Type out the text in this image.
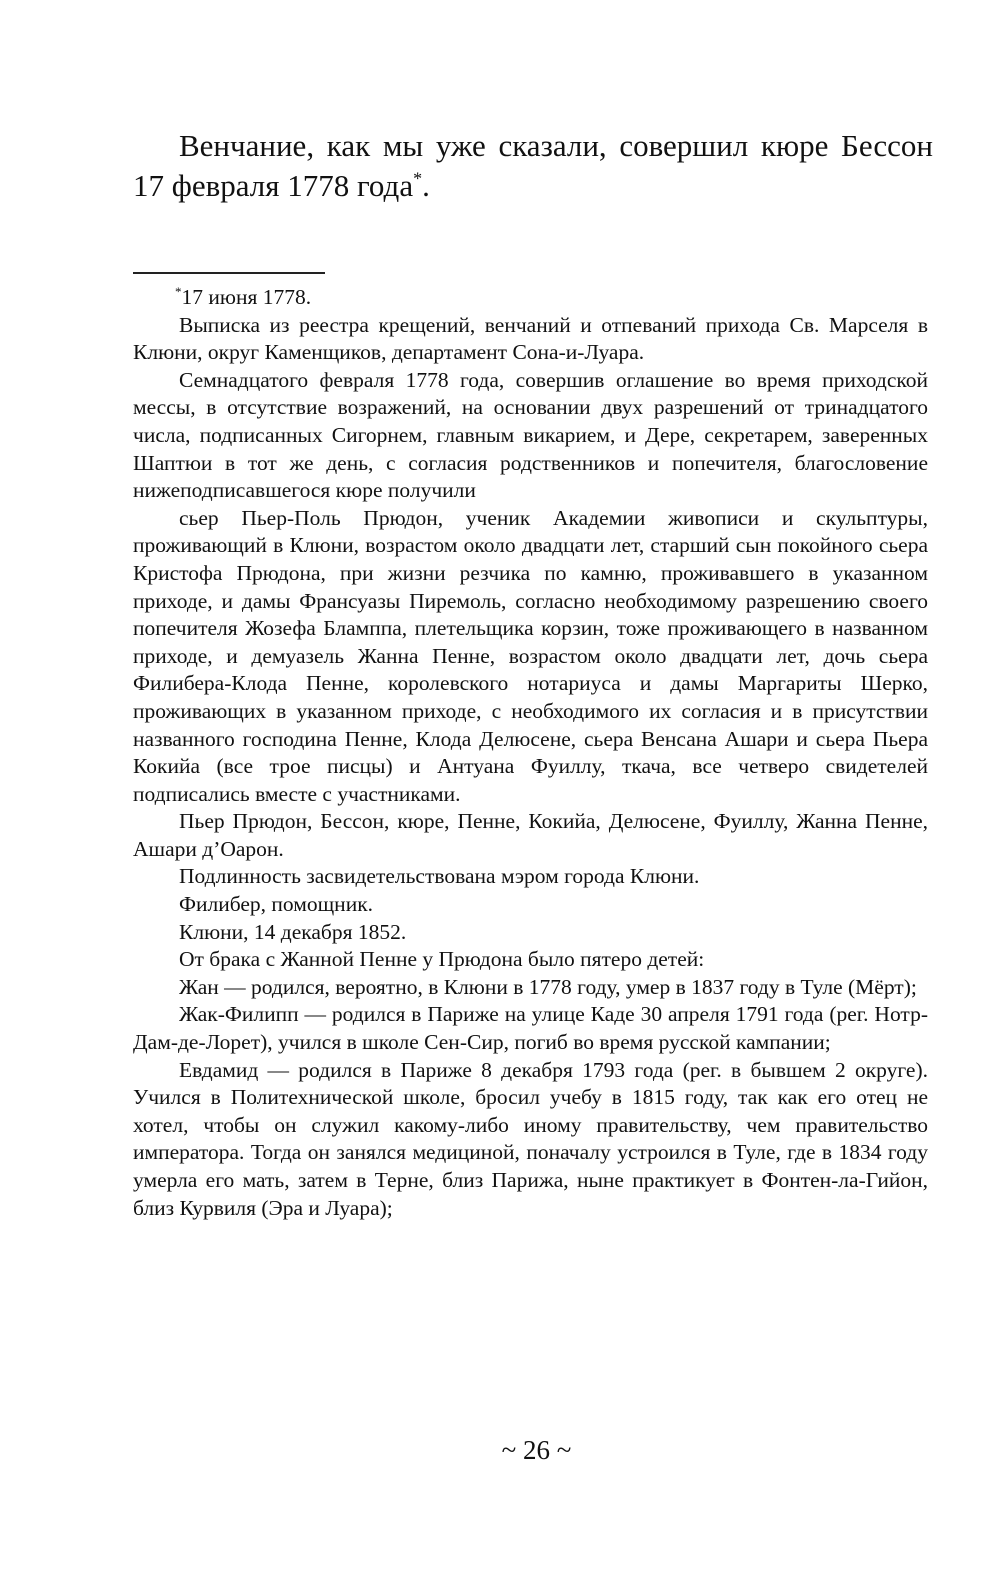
Венчание, как мы уже сказали, совершил кюре Бессон 17 февраля 1778 года*.

*17 июня 1778.

Выписка из реестра крещений, венчаний и отпеваний прихода Св. Марселя в Клюни, округ Каменщиков, департамент Сона-и-Луара.

Семнадцатого февраля 1778 года, совершив оглашение во время приходской мессы, в отсутствие возражений, на основании двух разрешений от тринадцатого числа, подписанных Сигорнем, главным викарием, и Дере, секретарем, заверенных Шаптюи в тот же день, с согласия родственников и попечителя, благословение нижеподписавшегося кюре получили

сьер Пьер-Поль Прюдон, ученик Академии живописи и скульптуры, проживающий в Клюни, возрастом около двадцати лет, старший сын покойного сьера Кристофа Прюдона, при жизни резчика по камню, проживавшего в указанном приходе, и дамы Франсуазы Пиремоль, согласно необходимому разрешению своего попечителя Жозефа Бламппа, плетельщика корзин, тоже проживающего в названном приходе, и демуазель Жанна Пенне, возрастом около двадцати лет, дочь сьера Филибера-Клода Пенне, королевского нотариуса и дамы Маргариты Шерко, проживающих в указанном приходе, с необходимого их согласия и в присутствии названного господина Пенне, Клода Делюсене, сьера Венсана Ашари и сьера Пьера Кокийа (все трое писцы) и Антуана Фуиллу, ткача, все четверо свидетелей подписались вместе с участниками.

Пьер Прюдон, Бессон, кюре, Пенне, Кокийа, Делюсене, Фуиллу, Жанна Пенне, Ашари д’Оарон.

Подлинность засвидетельствована мэром города Клюни.

Филибер, помощник.

Клюни, 14 декабря 1852.

От брака с Жанной Пенне у Прюдона было пятеро детей:

Жан — родился, вероятно, в Клюни в 1778 году, умер в 1837 году в Туле (Мёрт);

Жак-Филипп — родился в Париже на улице Каде 30 апреля 1791 года (рег. Нотр-Дам-де-Лорет), учился в школе Сен-Сир, погиб во время русской кампании;

Евдамид — родился в Париже 8 декабря 1793 года (рег. в бывшем 2 округе). Учился в Политехнической школе, бросил учебу в 1815 году, так как его отец не хотел, чтобы он служил какому-либо иному правительству, чем правительство императора. Тогда он занялся медициной, поначалу устроился в Туле, где в 1834 году умерла его мать, затем в Терне, близ Парижа, ныне практикует в Фонтен-ла-Гийон, близ Курвиля (Эра и Луара);

~ 26 ~
